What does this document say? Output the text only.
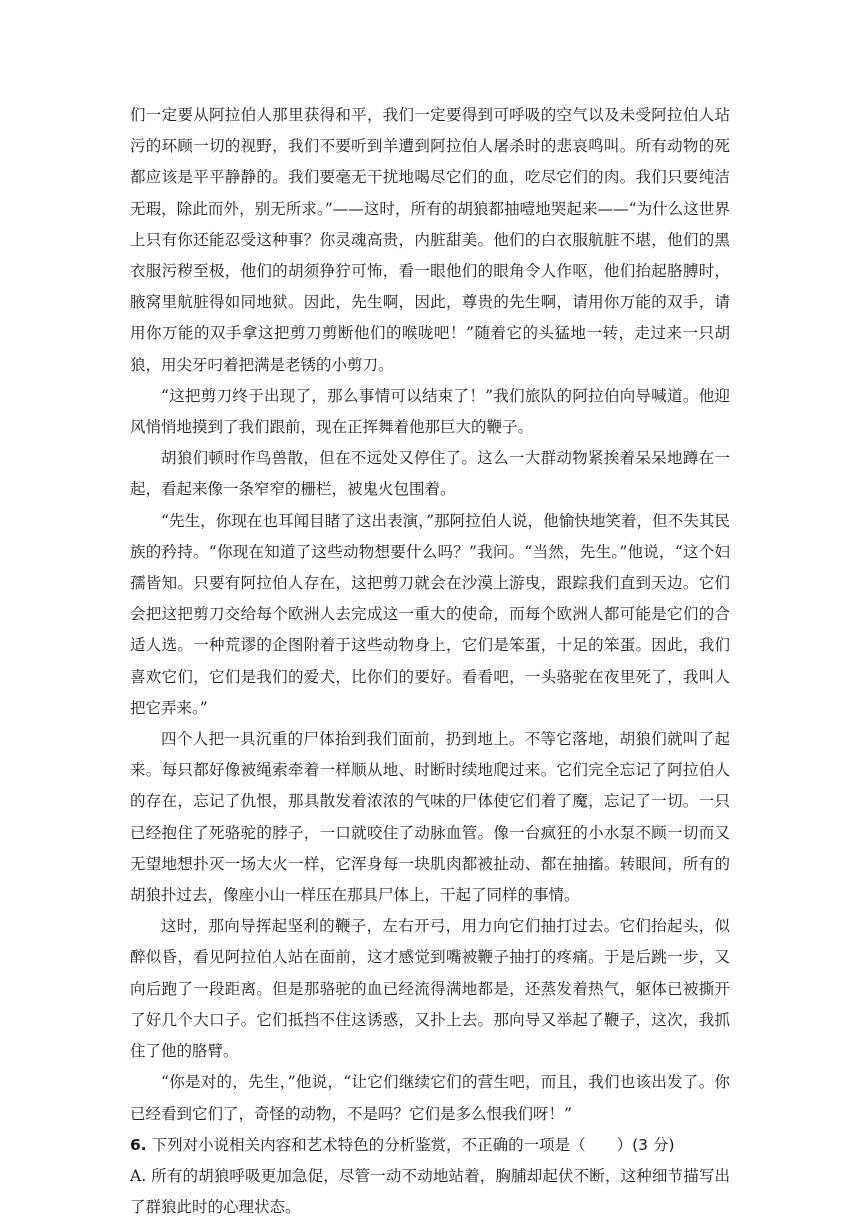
们一定要从阿拉伯人那里获得和平，我们一定要得到可呼吸的空气以及未受阿拉伯人玷污的环顾一切的视野，我们不要听到羊遭到阿拉伯人屠杀时的悲哀鸣叫。所有动物的死都应该是平平静静的。我们要毫无干扰地喝尽它们的血，吃尽它们的肉。我们只要纯洁无瑕，除此而外，别无所求。”——这时，所有的胡狼都抽噎地哭起来——“为什么这世界上只有你还能忍受这种事？你灵魂高贵，内脏甜美。他们的白衣服航脏不堪，他们的黑衣服污秽至极，他们的胡须狰狞可怖，看一眼他们的眼角令人作呕，他们抬起胳膊时，腋窝里航脏得如同地狱。因此，先生啊，因此，尊贵的先生啊，请用你万能的双手，请用你万能的双手拿这把剪刀剪断他们的喉咙吧！”随着它的头猛地一转，走过来一只胡狼，用尖牙叼着把满是老锈的小剪刀。

“这把剪刀终于出现了，那么事情可以结束了！”我们旅队的阿拉伯向导喊道。他迎风悄悄地摸到了我们跟前，现在正挥舞着他那巨大的鞭子。

胡狼们顿时作鸟兽散，但在不远处又停住了。这么一大群动物紧挨着呆呆地蹲在一起，看起来像一条窄窄的栅栏，被鬼火包围着。

“先生，你现在也耳闻目睹了这出表演，”那阿拉伯人说，他愉快地笑着，但不失其民族的矜持。“你现在知道了这些动物想要什么吗？”我问。“当然，先生。”他说，“这个妇孺皆知。只要有阿拉伯人存在，这把剪刀就会在沙漠上游曳，跟踪我们直到天边。它们会把这把剪刀交给每个欧洲人去完成这一重大的使命，而每个欧洲人都可能是它们的合适人选。一种荒谬的企图附着于这些动物身上，它们是笨蛋，十足的笨蛋。因此，我们喜欢它们，它们是我们的爱犬，比你们的要好。看看吧，一头骆驼在夜里死了，我叫人把它弄来。”

四个人把一具沉重的尸体抬到我们面前，扔到地上。不等它落地，胡狼们就叫了起来。每只都好像被绳索牵着一样顺从地、时断时续地爬过来。它们完全忘记了阿拉伯人的存在，忘记了仇恨，那具散发着浓浓的气味的尸体使它们着了魔，忘记了一切。一只已经抱住了死骆驼的脖子，一口就咬住了动脉血管。像一台疯狂的小水泵不顾一切而又无望地想扑灭一场大火一样，它浑身每一块肌肉都被扯动、都在抽搐。转眼间，所有的胡狼扑过去，像座小山一样压在那具尸体上，干起了同样的事情。

这时，那向导挥起坚利的鞭子，左右开弓，用力向它们抽打过去。它们抬起头，似醉似昏，看见阿拉伯人站在面前，这才感觉到嘴被鞭子抽打的疼痛。于是后跳一步，又向后跑了一段距离。但是那骆驼的血已经流得满地都是，还蒸发着热气，躯体已被撕开了好几个大口子。它们抵挡不住这诱惑，又扑上去。那向导又举起了鞭子，这次，我抓住了他的胳臂。

“你是对的，先生，”他说，“让它们继续它们的营生吧，而且，我们也该出发了。你已经看到它们了，奇怪的动物，不是吗？它们是多么恨我们呀！”

6. 下列对小说相关内容和艺术特色的分析鉴赏，不正确的一项是（　　）(3 分)

A. 所有的胡狼呼吸更加急促，尽管一动不动地站着，胸脯却起伏不断，这种细节描写出了群狼此时的心理状态。
